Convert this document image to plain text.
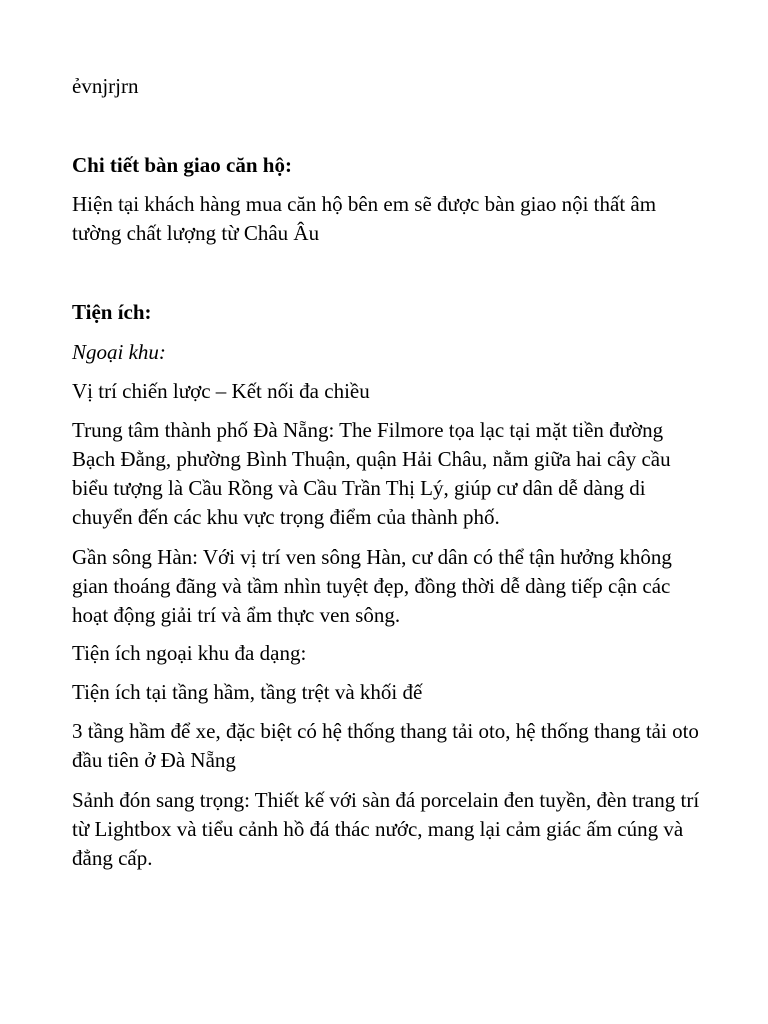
ẻvnjrjrn

Chi tiết bàn giao căn hộ:

Hiện tại khách hàng mua căn hộ bên em sẽ được bàn giao nội thất âm tường chất lượng từ Châu Âu

Tiện ích:

Ngoại khu:

Vị trí chiến lược – Kết nối đa chiều

Trung tâm thành phố Đà Nẵng: The Filmore tọa lạc tại mặt tiền đường Bạch Đằng, phường Bình Thuận, quận Hải Châu, nằm giữa hai cây cầu biểu tượng là Cầu Rồng và Cầu Trần Thị Lý, giúp cư dân dễ dàng di chuyển đến các khu vực trọng điểm của thành phố.

Gần sông Hàn: Với vị trí ven sông Hàn, cư dân có thể tận hưởng không gian thoáng đãng và tầm nhìn tuyệt đẹp, đồng thời dễ dàng tiếp cận các hoạt động giải trí và ẩm thực ven sông.

Tiện ích ngoại khu đa dạng:

Tiện ích tại tầng hầm, tầng trệt và khối đế

3 tầng hầm để xe, đặc biệt có hệ thống thang tải oto, hệ thống thang tải oto đầu tiên ở Đà Nẵng

Sảnh đón sang trọng: Thiết kế với sàn đá porcelain đen tuyền, đèn trang trí từ Lightbox và tiểu cảnh hồ đá thác nước, mang lại cảm giác ấm cúng và đẳng cấp.
